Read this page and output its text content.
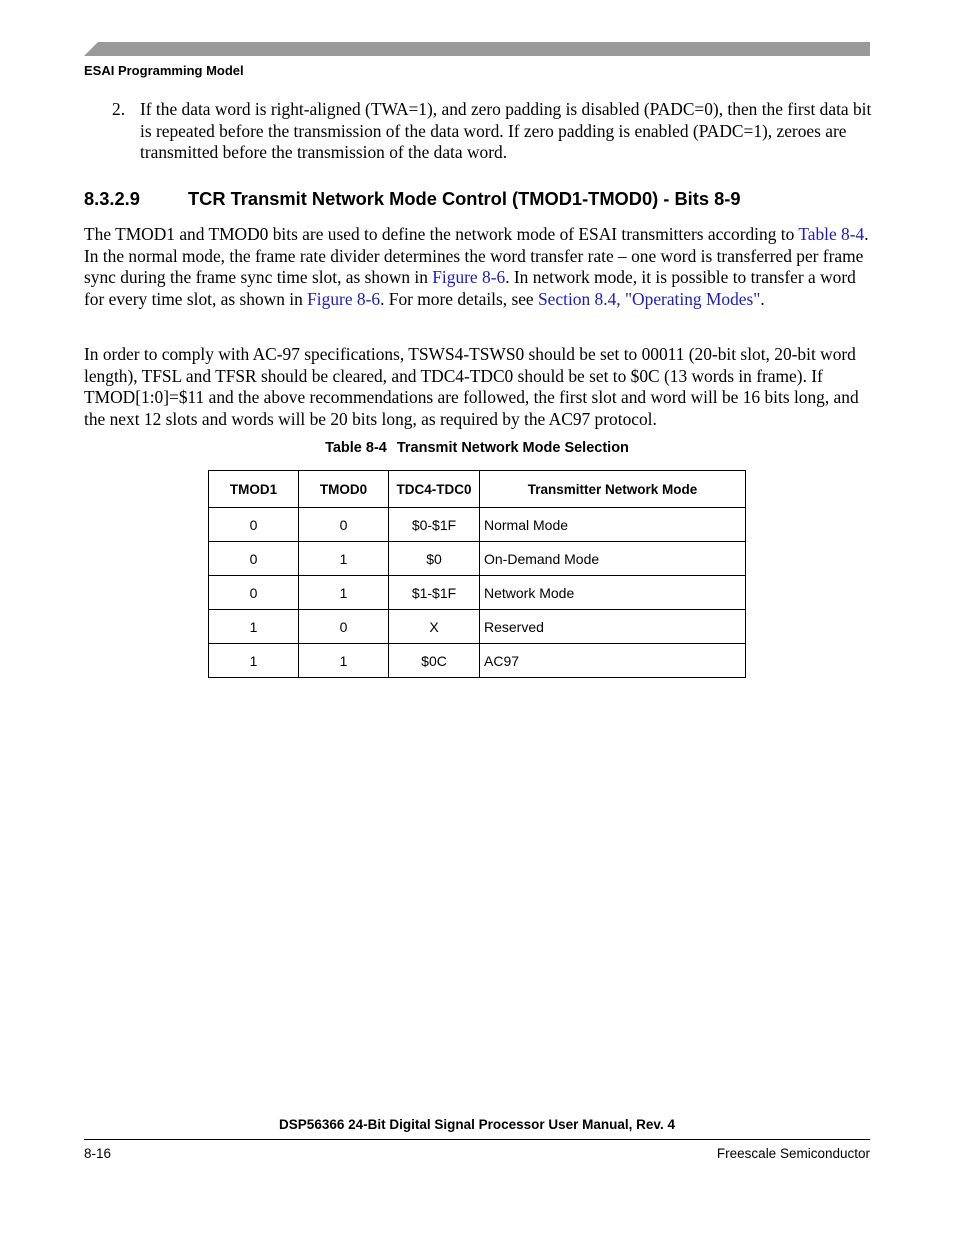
ESAI Programming Model
2. If the data word is right-aligned (TWA=1), and zero padding is disabled (PADC=0), then the first data bit is repeated before the transmission of the data word. If zero padding is enabled (PADC=1), zeroes are transmitted before the transmission of the data word.
8.3.2.9	TCR Transmit Network Mode Control (TMOD1-TMOD0) - Bits 8-9
The TMOD1 and TMOD0 bits are used to define the network mode of ESAI transmitters according to Table 8-4. In the normal mode, the frame rate divider determines the word transfer rate – one word is transferred per frame sync during the frame sync time slot, as shown in Figure 8-6. In network mode, it is possible to transfer a word for every time slot, as shown in Figure 8-6. For more details, see Section 8.4, "Operating Modes".
In order to comply with AC-97 specifications, TSWS4-TSWS0 should be set to 00011 (20-bit slot, 20-bit word length), TFSL and TFSR should be cleared, and TDC4-TDC0 should be set to $0C (13 words in frame). If TMOD[1:0]=$11 and the above recommendations are followed, the first slot and word will be 16 bits long, and the next 12 slots and words will be 20 bits long, as required by the AC97 protocol.
Table 8-4 Transmit Network Mode Selection
TMOD1	TMOD0	TDC4-TDC0	Transmitter Network Mode
0	0	$0-$1F	Normal Mode
0	1	$0	On-Demand Mode
0	1	$1-$1F	Network Mode
1	0	X	Reserved
1	1	$0C	AC97
DSP56366 24-Bit Digital Signal Processor User Manual, Rev. 4
8-16	Freescale Semiconductor
